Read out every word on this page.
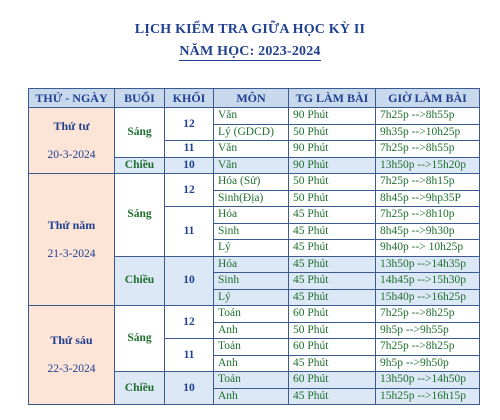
LỊCH KIỂM TRA GIỮA HỌC KỲ II
NĂM HỌC: 2023-2024
THỨ - NGÀY	BUỔI	KHỐI	MÔN	TG LÀM BÀI	GIỜ LÀM BÀI

Thứ tư
20-3-2024	Sáng	12	Văn	90 Phút	7h25p -->8h55p
			Lý (GDCD)	50 Phút	9h35p -->10h25p
		11	Văn	90 Phút	7h25p -->8h55p
	Chiều	10	Văn	90 Phút	13h50p -->15h20p

Thứ năm
21-3-2024	Sáng	12	Hóa (Sử)	50 Phút	7h25p -->8h15p
			Sinh(Địa)	50 Phút	8h45p -->9hp35P
		11	Hóa	45 Phút	7h25p -->8h10p
			Sinh	45 Phút	8h45p -->9h30p
			Lý	45 Phút	9h40p --> 10h25p
	Chiều	10	Hóa	45 Phút	13h50p -->14h35p
			Sinh	45 Phút	14h45p -->15h30p
			Lý	45 Phút	15h40p -->16h25p

Thứ sáu
22-3-2024	Sáng	12	Toán	60 Phút	7h25p -->8h25p
			Anh	50 Phút	9h5p -->9h55p
		11	Toán	60 Phút	7h25p -->8h25p
			Anh	45 Phút	9h5p -->9h50p
	Chiều	10	Toán	60 Phút	13h50p -->14h50p
			Anh	45 Phút	15h25p -->16h15p
